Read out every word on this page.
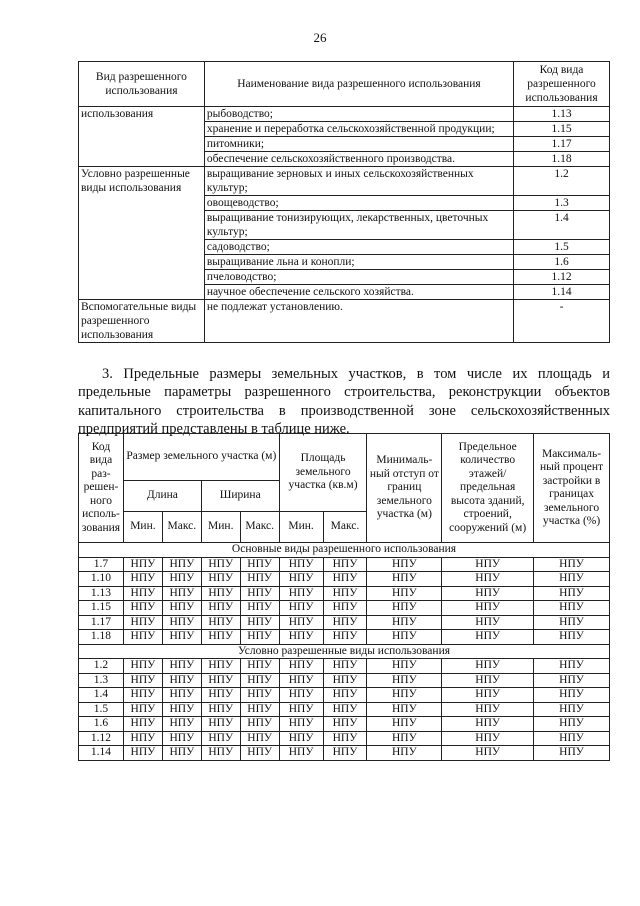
26
Вид разрешенного использования	Наименование вида разрешенного использования	Код вида разрешенного использования
использования	рыбоводство;	1.13
	хранение и переработка сельскохозяйственной продукции;	1.15
	питомники;	1.17
	обеспечение сельскохозяйственного производства.	1.18
Условно разрешенные виды использования	выращивание зерновых и иных сельскохозяйственных культур;	1.2
	овощеводство;	1.3
	выращивание тонизирующих, лекарственных, цветочных культур;	1.4
	садоводство;	1.5
	выращивание льна и конопли;	1.6
	пчеловодство;	1.12
	научное обеспечение сельского хозяйства.	1.14
Вспомогательные виды разрешенного использования	не подлежат установлению.	-
3. Предельные размеры земельных участков, в том числе их площадь и предельные параметры разрешенного строительства, реконструкции объектов капитального строительства в производственной зоне сельскохозяйственных предприятий представлены в таблице ниже.
Код вида раз-решен-ного исполь-зования	Размер земельного участка (м)				Площадь земельного участка (кв.м)		Минималь-ный отступ от границ земельного участка (м)	Предельное количество этажей/ предельная высота зданий, строений, сооружений (м)	Максималь-ный процент застройки в границах земельного участка (%)
	Длина		Ширина						
	Мин.	Макс.	Мин.	Макс.	Мин.	Макс.			
Основные виды разрешенного использования									
1.7	НПУ	НПУ	НПУ	НПУ	НПУ	НПУ	НПУ	НПУ	НПУ
1.10	НПУ	НПУ	НПУ	НПУ	НПУ	НПУ	НПУ	НПУ	НПУ
1.13	НПУ	НПУ	НПУ	НПУ	НПУ	НПУ	НПУ	НПУ	НПУ
1.15	НПУ	НПУ	НПУ	НПУ	НПУ	НПУ	НПУ	НПУ	НПУ
1.17	НПУ	НПУ	НПУ	НПУ	НПУ	НПУ	НПУ	НПУ	НПУ
1.18	НПУ	НПУ	НПУ	НПУ	НПУ	НПУ	НПУ	НПУ	НПУ
Условно разрешенные виды использования									
1.2	НПУ	НПУ	НПУ	НПУ	НПУ	НПУ	НПУ	НПУ	НПУ
1.3	НПУ	НПУ	НПУ	НПУ	НПУ	НПУ	НПУ	НПУ	НПУ
1.4	НПУ	НПУ	НПУ	НПУ	НПУ	НПУ	НПУ	НПУ	НПУ
1.5	НПУ	НПУ	НПУ	НПУ	НПУ	НПУ	НПУ	НПУ	НПУ
1.6	НПУ	НПУ	НПУ	НПУ	НПУ	НПУ	НПУ	НПУ	НПУ
1.12	НПУ	НПУ	НПУ	НПУ	НПУ	НПУ	НПУ	НПУ	НПУ
1.14	НПУ	НПУ	НПУ	НПУ	НПУ	НПУ	НПУ	НПУ	НПУ
